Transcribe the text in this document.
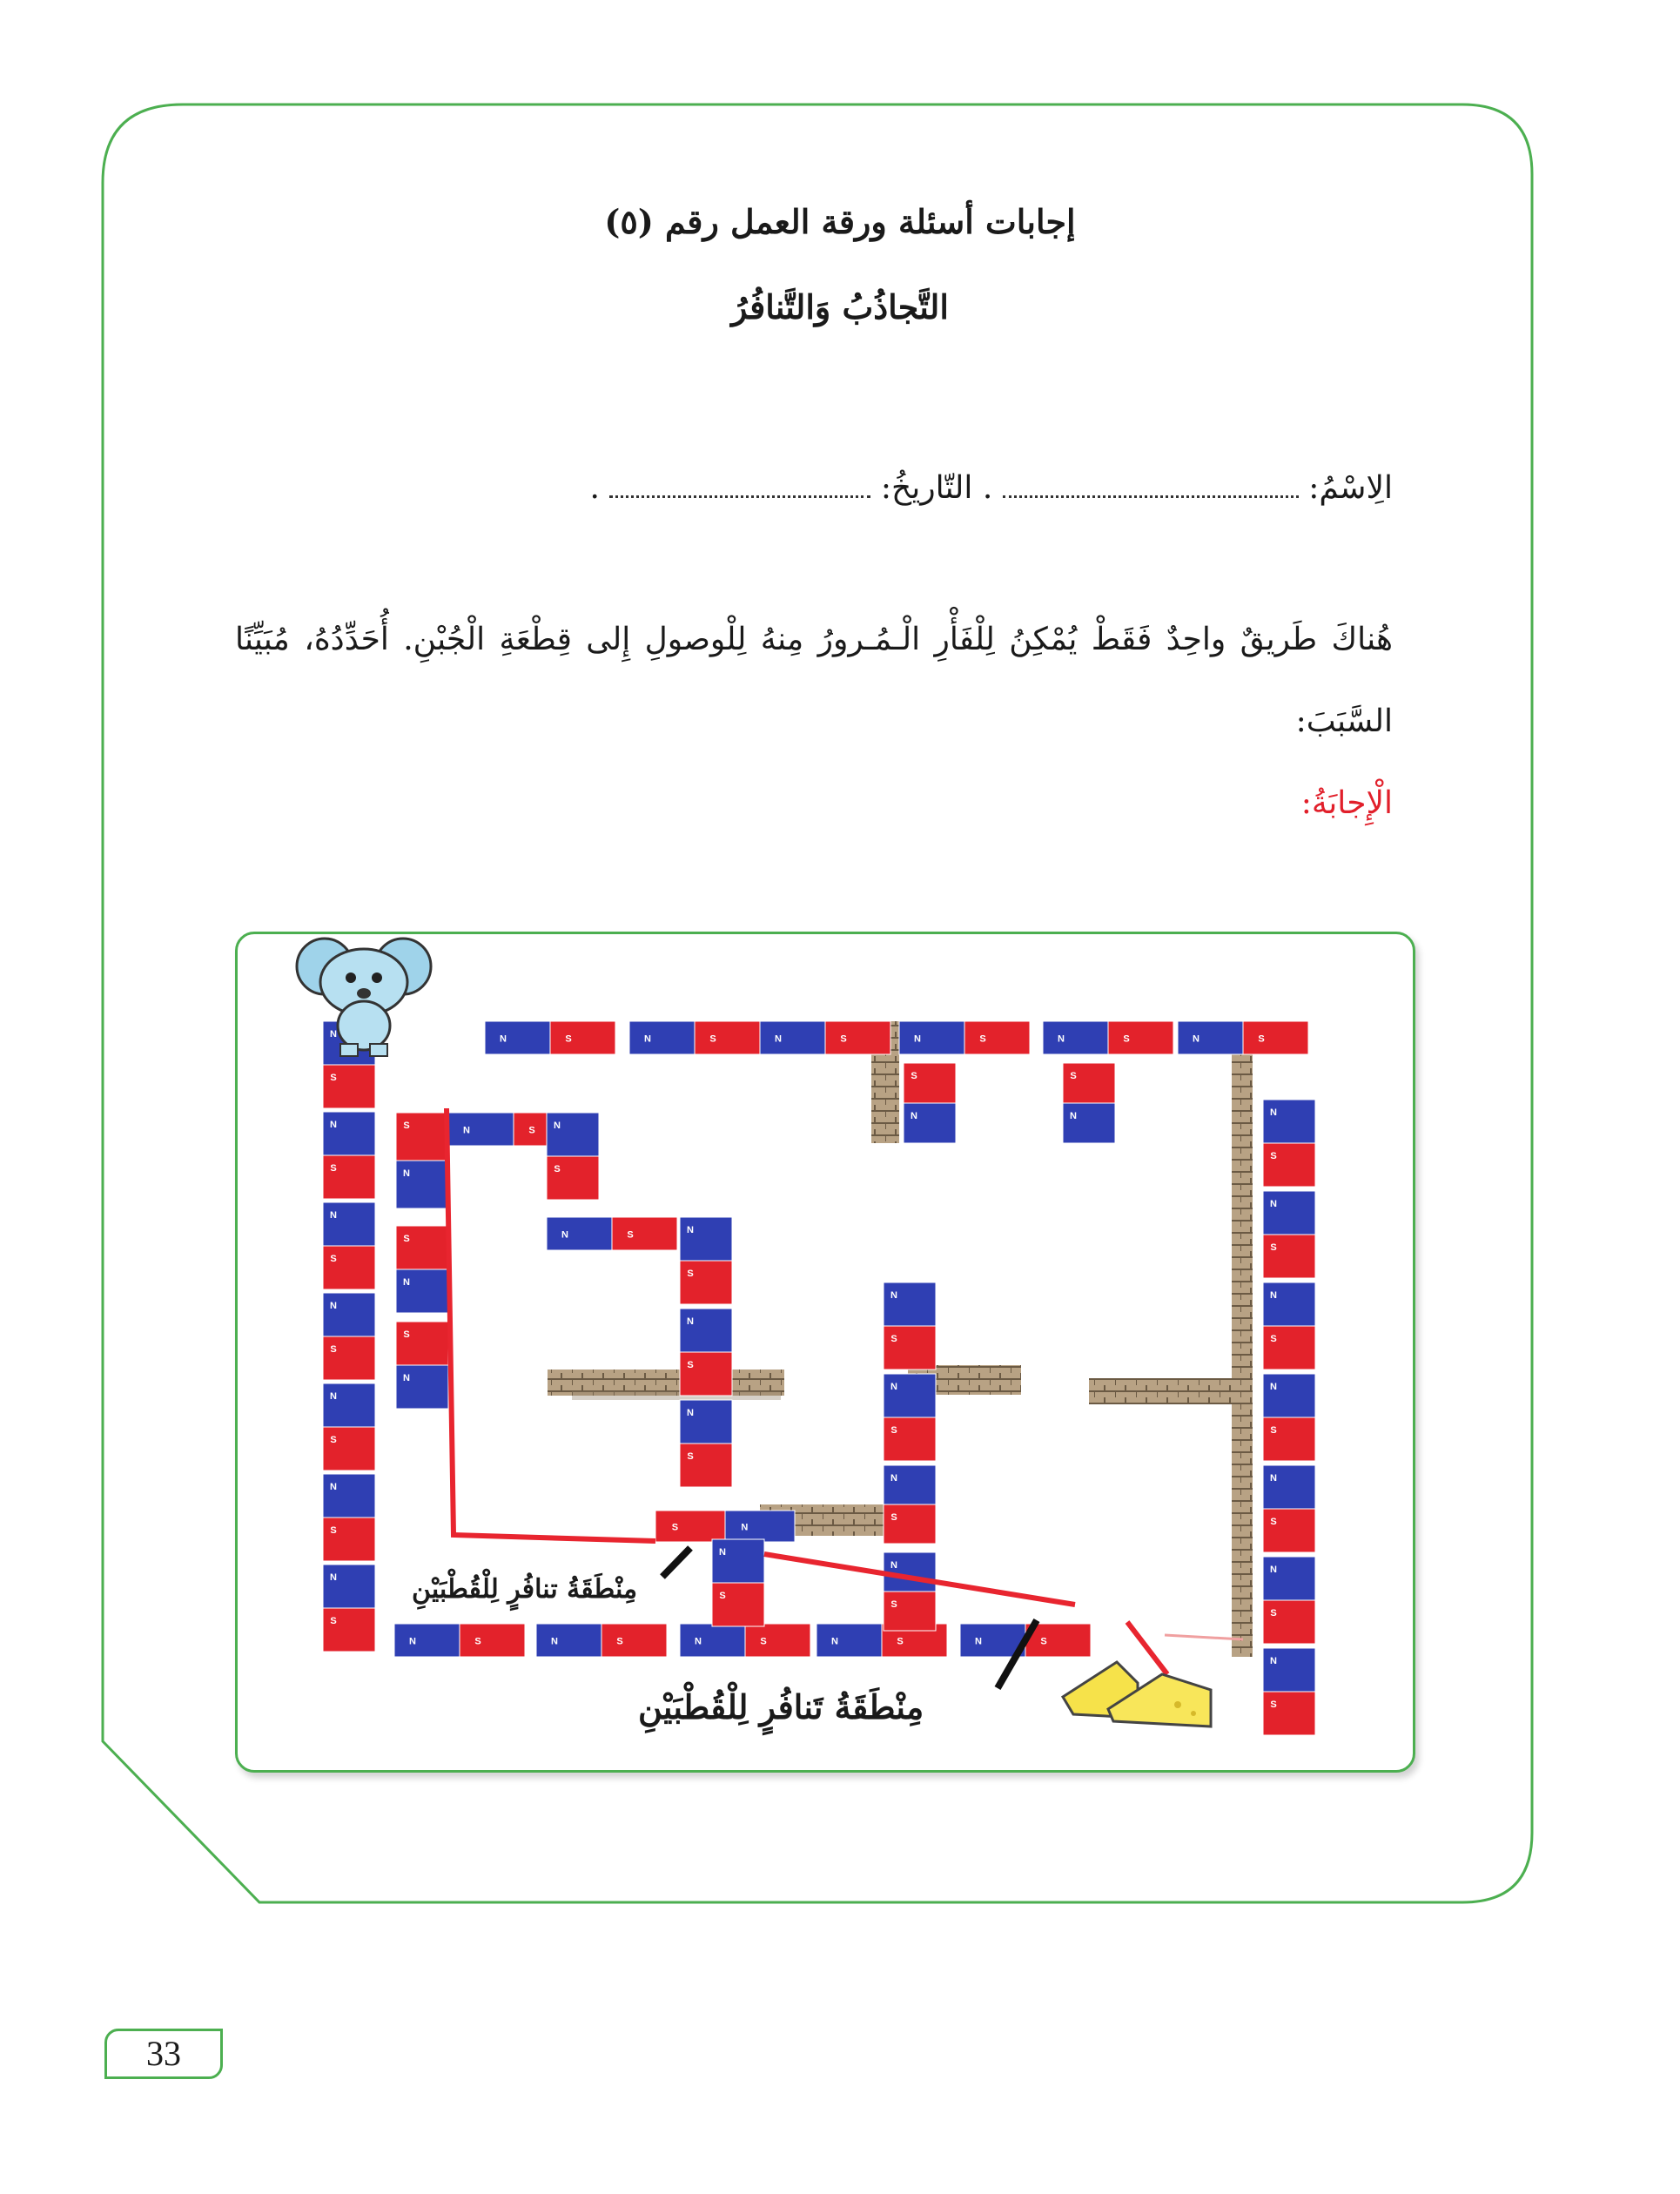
إجابات أسئلة ورقة العمل رقم (٥)
التَّجاذُبُ وَالتَّنافُرُ
الِاسْمُ:  . التّاريخُ:  .
هُناكَ طَريقٌ واحِدٌ فَقَطْ يُمْكِنُ لِلْفَأْرِ الْـمُـرورُ مِنهُ لِلْوصولِ إِلى قِطْعَةِ الْجُبْنِ. أُحَدِّدُهُ، مُبَيِّنًا
السَّبَبَ:
الْإِجابَةُ:
N
S
N
S
N
S
N
S
N
S
N
S
N
S
N
S
N
S
N
S
N
S
N
S
N
S
N
S
N	S	N	S	N	S	N	S	N	S	N	S
N	S	N	S	N	S	N	S	N	S
S
N
N	S N
S
N	S
S
N
S
N
N
S
N
S
N
S
S
N
S
N
N
S
N
S
N
S
N
S
S	N
N
S
مِنْطَقَةُ تنافُرٍ لِلْقُطْبَيْنِ
مِنْطَقَةُ تَنافُرٍ لِلْقُطْبَيْنِ
33
